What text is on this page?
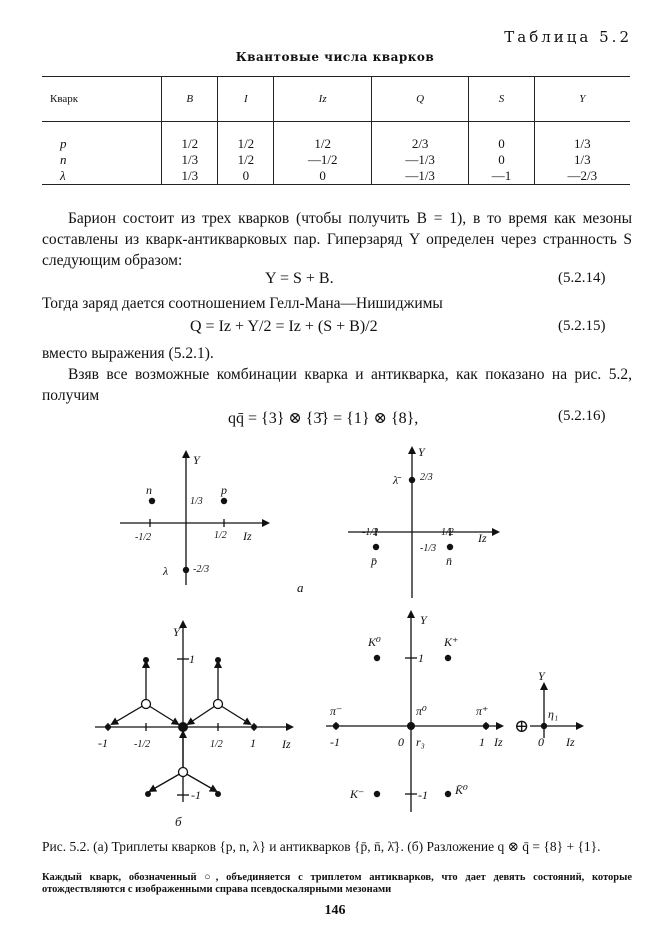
Таблица 5.2
Квантовые числа кварков
Кварк	B	I	Iz	Q	S	Y
p	1/2	1/2	1/2	2/3	0	1/3
n	1/3	1/2	—1/2	—1/3	0	1/3
λ	1/3	0	0	—1/3	—1	—2/3
Барион состоит из трех кварков (чтобы получить B = 1), в то время как мезоны составлены из кварк-антикварковых пар. Гиперзаряд Y определен через странность S следующим образом:
Y = S + B.	(5.2.14)
Тогда заряд дается соотношением Гелл-Мана—Нишиджимы
Q = Iz + Y/2 = Iz + (S + B)/2	(5.2.15)
вместо выражения (5.2.1).
Взяв все возможные комбинации кварка и антикварка, как показано на рис. 5.2, получим
qq̄ = {3} ⊗ {3̄} = {1} ⊗ {8},	(5.2.16)
Y
Iz
n	p
λ
1/3
-2/3
-1/2	1/2
а
Y
Iz
λ̄
p̄	n̄
2/3
-1/3
-1/2	1/2
Y
Iz
-1	-1/2	1/2 1
1
-1
б
Y
Iz
K⁰	K⁺
π⁻	π⁰	π⁺
r₃
K⁻	K̄⁰
-1	0	1
1
-1
⊕
Y
Iz
η₁
0
Рис. 5.2. (а) Триплеты кварков {p, n, λ} и антикварков {p̄, n̄, λ̄}. (б) Разложение q ⊗ q̄ = {8} + {1}.
Каждый кварк, обозначенный ○, объединяется с триплетом антикварков, что дает девять состояний, которые отождествляются с изображенными справа псевдоскалярными мезонами
146
